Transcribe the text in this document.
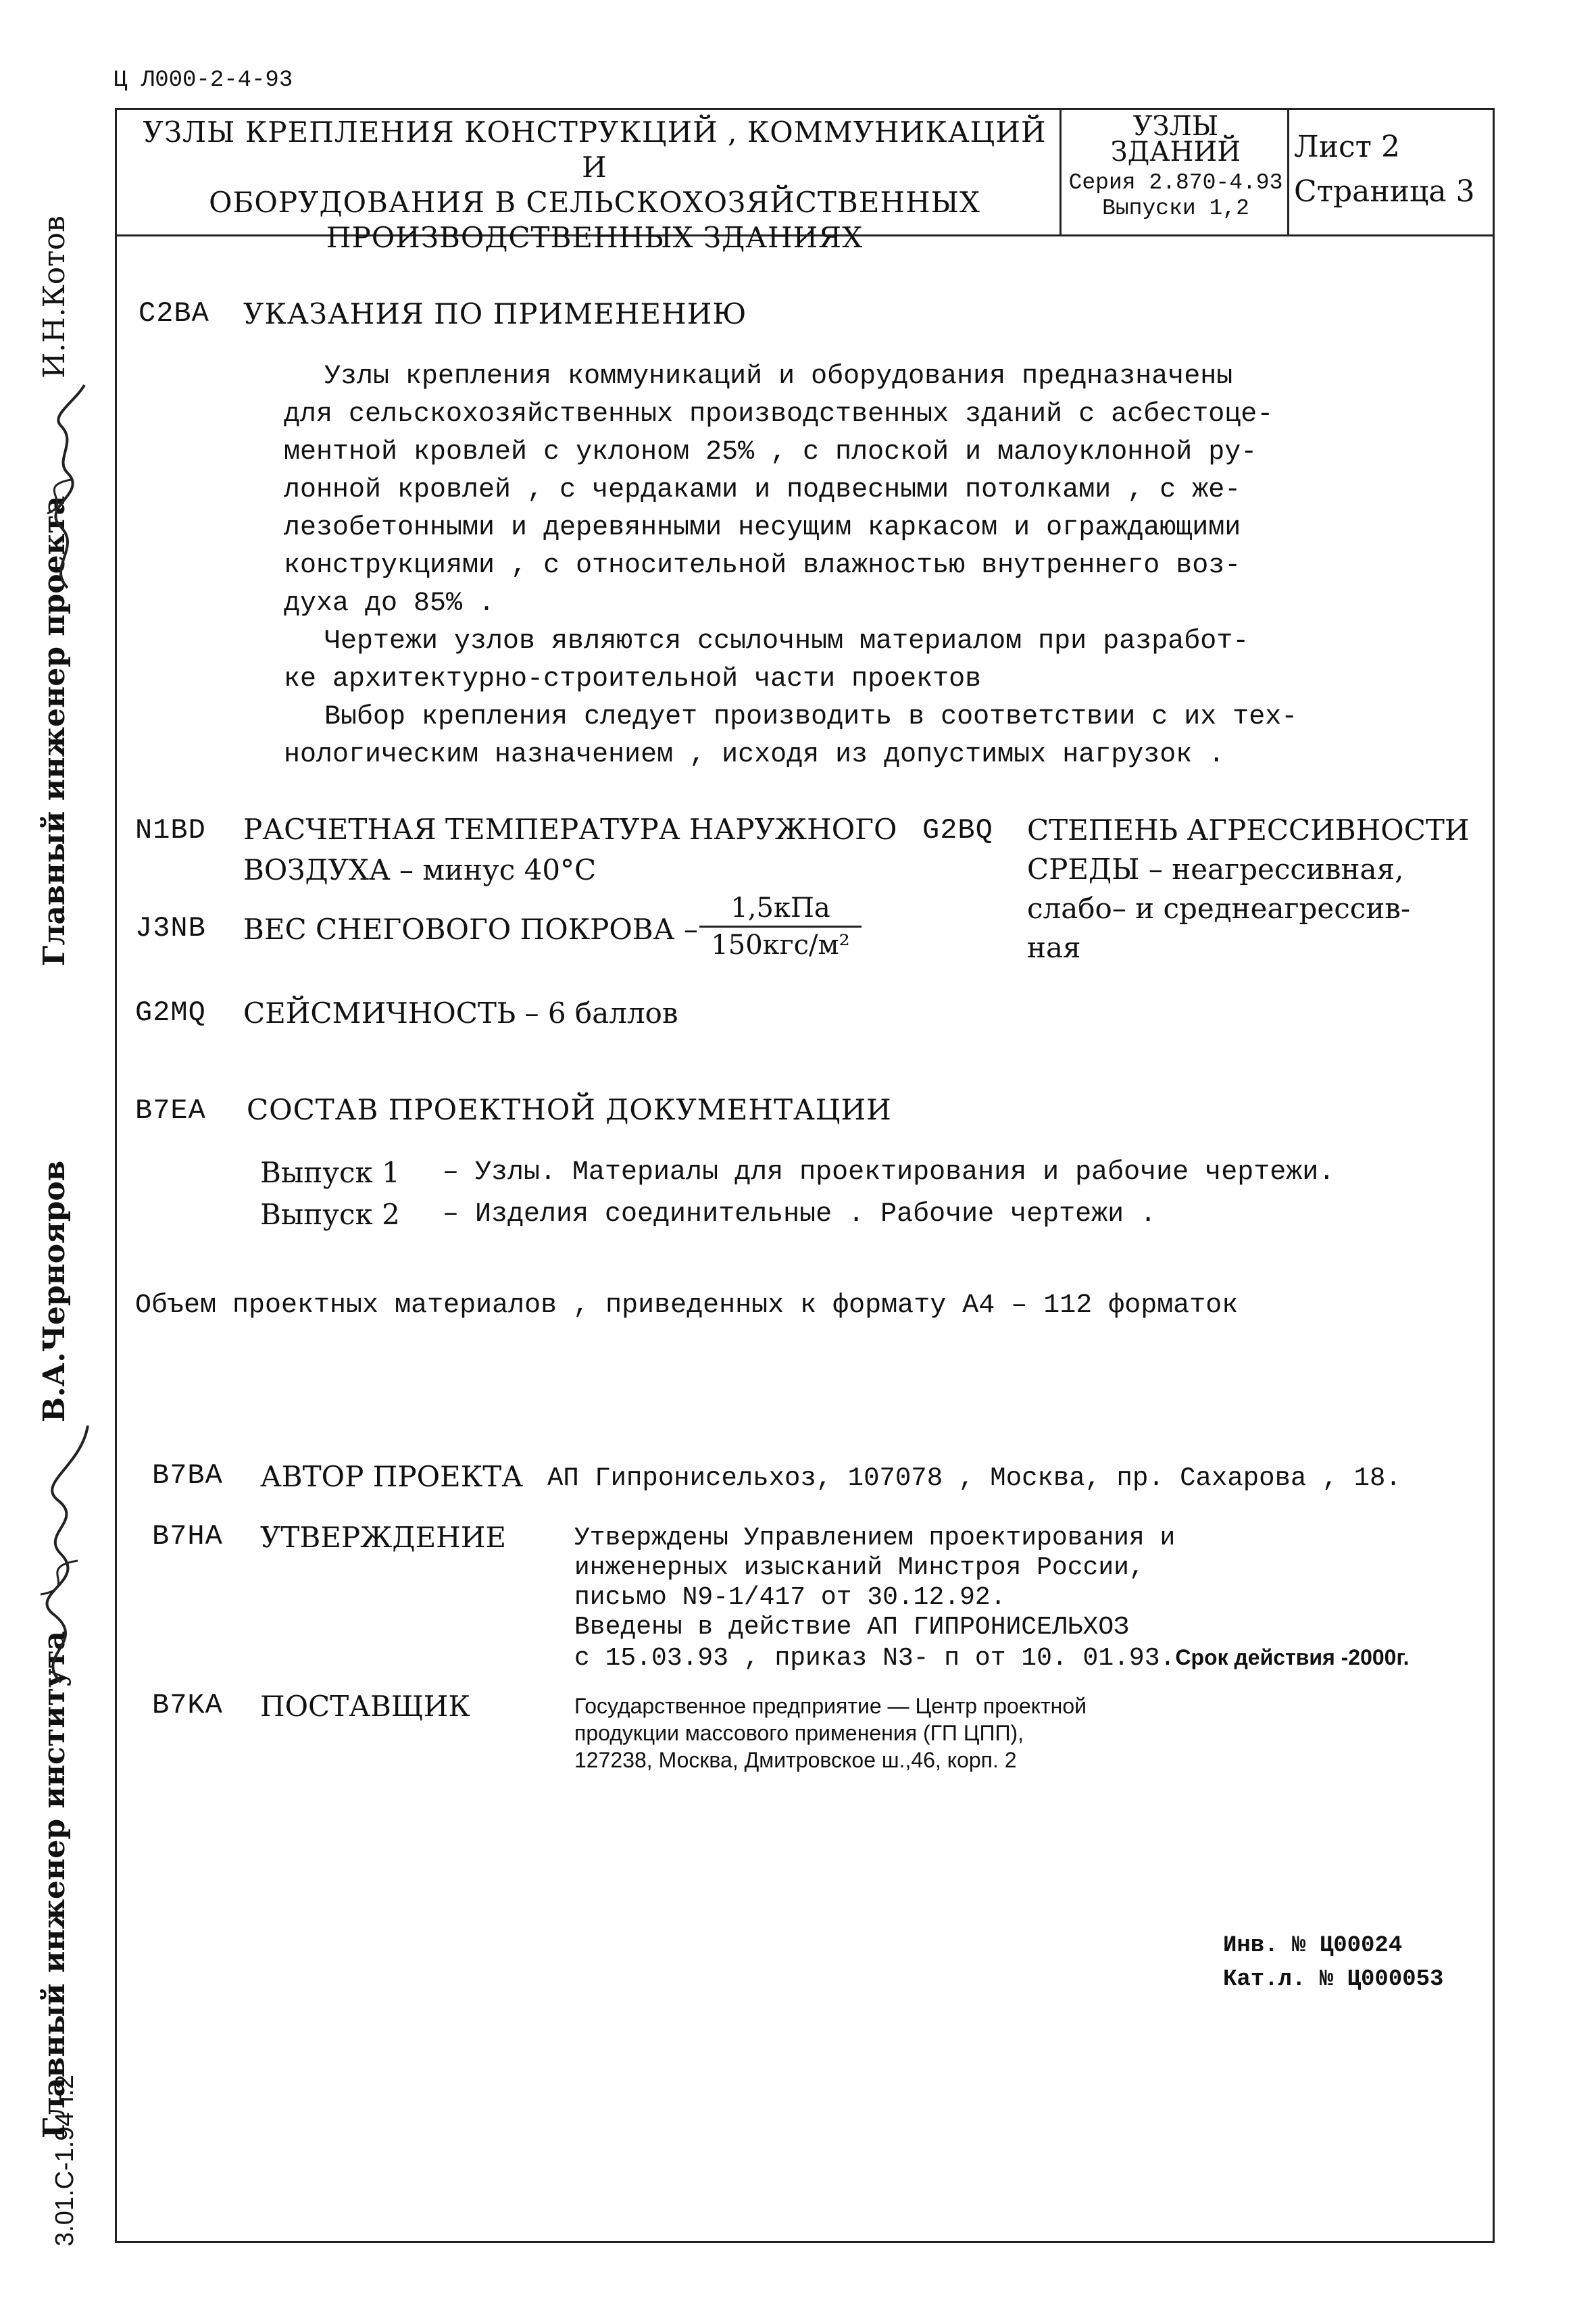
Ц Л000-2-4-93
УЗЛЫ КРЕПЛЕНИЯ КОНСТРУКЦИЙ , КОММУНИКАЦИЙ И
ОБОРУДОВАНИЯ В СЕЛЬСКОХОЗЯЙСТВЕННЫХ
ПРОИЗВОДСТВЕННЫХ ЗДАНИЯХ
УЗЛЫ
ЗДАНИЙ
Серия 2.870-4.93
Выпуски 1,2
Лист 2
Страница 3
C2BA УКАЗАНИЯ ПО ПРИМЕНЕНИЮ
Узлы крепления коммуникаций и оборудования предназначены
для сельскохозяйственных производственных зданий с асбестоце-
ментной кровлей с уклоном 25% , с плоской и малоуклонной ру-
лонной кровлей , с чердаками и подвесными потолками , с же-
лезобетонными и деревянными несущим каркасом и ограждающими
конструкциями , с относительной влажностью внутреннего воз-
духа до 85% .
Чертежи узлов являются ссылочным материалом при разработ-
ке архитектурно-строительной части проектов
Выбор крепления следует производить в соответствии с их тех-
нологическим назначением , исходя из допустимых нагрузок .
N1BD РАСЧЕТНАЯ ТЕМПЕРАТУРА НАРУЖНОГО
ВОЗДУХА – минус 40°С
J3NB ВЕС СНЕГОВОГО ПОКРОВА –
1,5кПа
150кгс/м²
G2MQ СЕЙСМИЧНОСТЬ – 6 баллов
G2BQ СТЕПЕНЬ АГРЕССИВНОСТИ
СРЕДЫ – неагрессивная,
слабо– и среднеагрессив-
ная
B7EA СОСТАВ ПРОЕКТНОЙ ДОКУМЕНТАЦИИ
Выпуск 1 – Узлы. Материалы для проектирования и рабочие чертежи.
Выпуск 2 – Изделия соединительные . Рабочие чертежи .
Объем проектных материалов , приведенных к формату А4 – 112 форматок
B7BA АВТОР ПРОЕКТА АП Гипронисельхоз, 107078 , Москва, пр. Сахарова , 18.
B7HA УТВЕРЖДЕНИЕ	Утверждены Управлением проектирования и
инженерных изысканий Минстроя России,
письмо N9-1/417 от 30.12.92.
Введены в действие АП ГИПРОНИСЕЛЬХОЗ
с 15.03.93 , приказ N3- п от 10. 01.93.Срок действия -2000г.
B7KA ПОСТАВЩИК	Государственное предприятие — Центр проектной
продукции массового применения (ГП ЦПП),
127238, Москва, Дмитровское ш.,46, корп. 2
Инв. № Ц00024
Кат.л. № Ц000053
Главный инженер проекта
И.Н.Котов
Главный инженер института
В.А.Чернояров
3.01.С-1.94 т.2
